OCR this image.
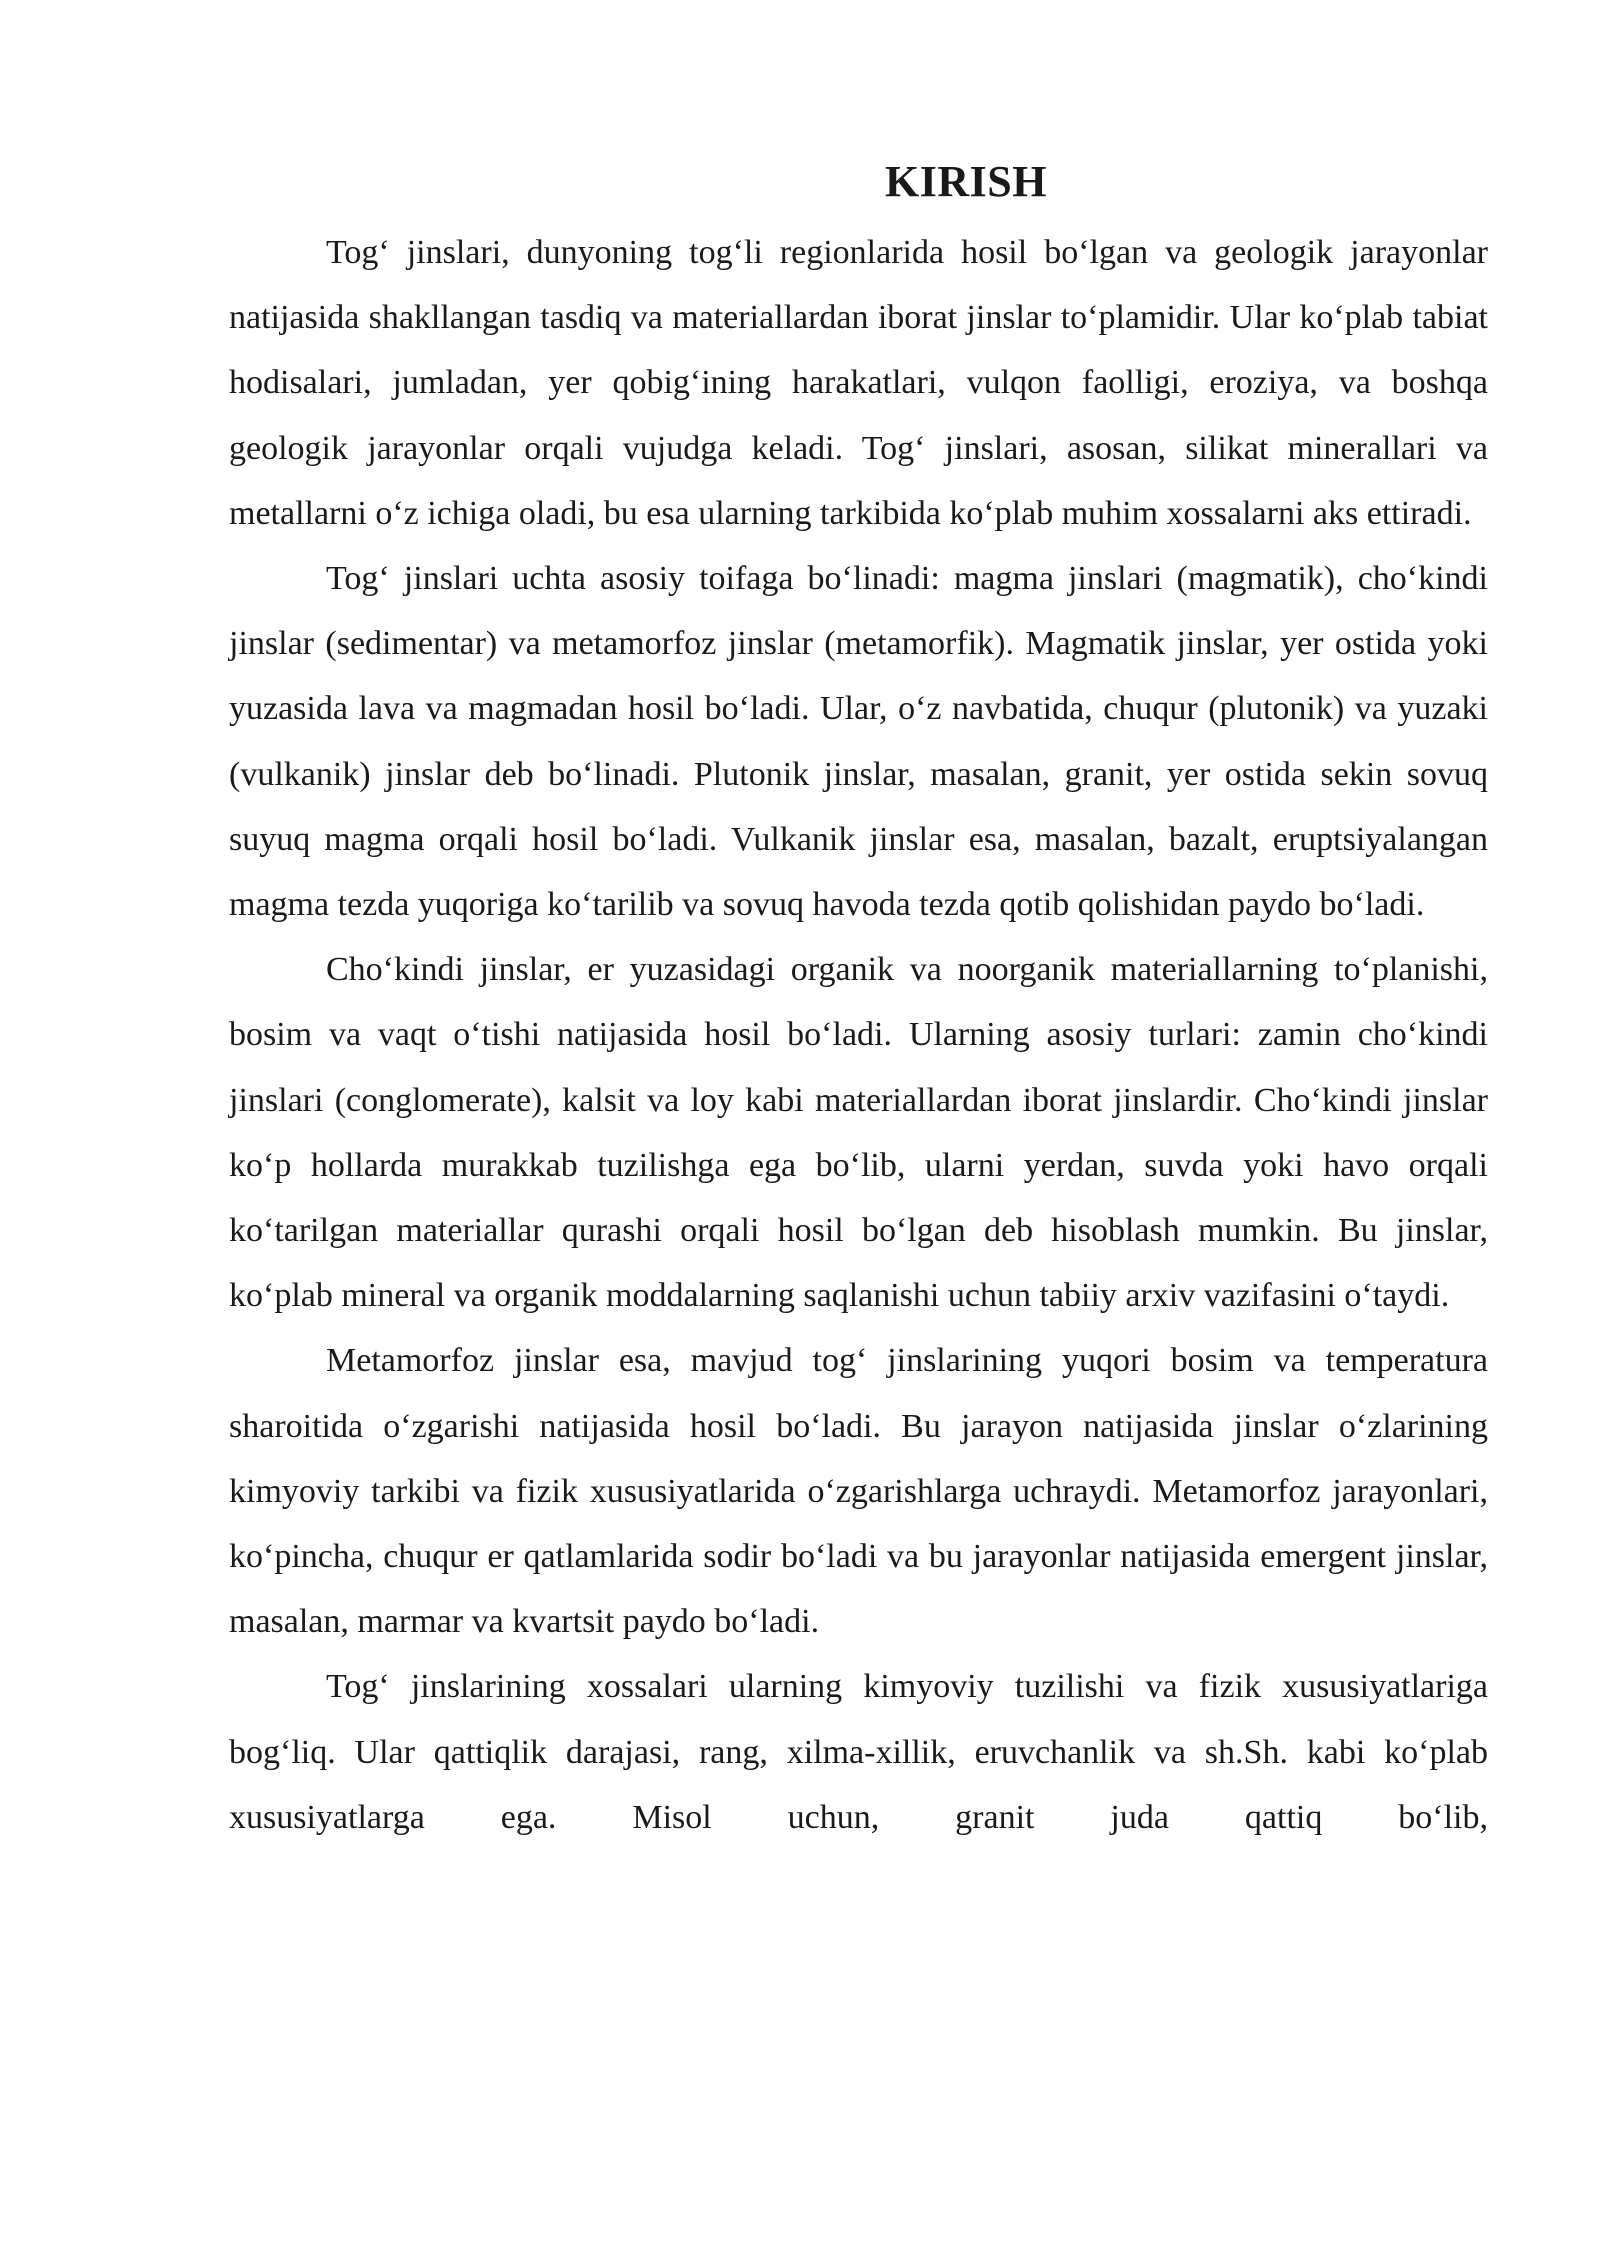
KIRISH

Tog‘ jinslari, dunyoning tog‘li regionlarida hosil bo‘lgan va geologik jarayonlar natijasida shakllangan tasdiq va materiallardan iborat jinslar to‘plamidir. Ular ko‘plab tabiat hodisalari, jumladan, yer qobig‘ining harakatlari, vulqon faolligi, eroziya, va boshqa geologik jarayonlar orqali vujudga keladi. Tog‘ jinslari, asosan, silikat minerallari va metallarni o‘z ichiga oladi, bu esa ularning tarkibida ko‘plab muhim xossalarni aks ettiradi.

Tog‘ jinslari uchta asosiy toifaga bo‘linadi: magma jinslari (magmatik), cho‘kindi jinslar (sedimentar) va metamorfoz jinslar (metamorfik). Magmatik jinslar, yer ostida yoki yuzasida lava va magmadan hosil bo‘ladi. Ular, o‘z navbatida, chuqur (plutonik) va yuzaki (vulkanik) jinslar deb bo‘linadi. Plutonik jinslar, masalan, granit, yer ostida sekin sovuq suyuq magma orqali hosil bo‘ladi. Vulkanik jinslar esa, masalan, bazalt, eruptsiyalangan magma tezda yuqoriga ko‘tarilib va sovuq havoda tezda qotib qolishidan paydo bo‘ladi.

Cho‘kindi jinslar, er yuzasidagi organik va noorganik materiallarning to‘planishi, bosim va vaqt o‘tishi natijasida hosil bo‘ladi. Ularning asosiy turlari: zamin cho‘kindi jinslari (conglomerate), kalsit va loy kabi materiallardan iborat jinslardir. Cho‘kindi jinslar ko‘p hollarda murakkab tuzilishga ega bo‘lib, ularni yerdan, suvda yoki havo orqali ko‘tarilgan materiallar qurashi orqali hosil bo‘lgan deb hisoblash mumkin. Bu jinslar, ko‘plab mineral va organik moddalarning saqlanishi uchun tabiiy arxiv vazifasini o‘taydi.

Metamorfoz jinslar esa, mavjud tog‘ jinslarining yuqori bosim va temperatura sharoitida o‘zgarishi natijasida hosil bo‘ladi. Bu jarayon natijasida jinslar o‘zlarining kimyoviy tarkibi va fizik xususiyatlarida o‘zgarishlarga uchraydi. Metamorfoz jarayonlari, ko‘pincha, chuqur er qatlamlarida sodir bo‘ladi va bu jarayonlar natijasida emergent jinslar, masalan, marmar va kvartsit paydo bo‘ladi.

Tog‘ jinslarining xossalari ularning kimyoviy tuzilishi va fizik xususiyatlariga bog‘liq. Ular qattiqlik darajasi, rang, xilma-xillik, eruvchanlik va sh.Sh. kabi ko‘plab xususiyatlarga ega. Misol uchun, granit juda qattiq bo‘lib,
